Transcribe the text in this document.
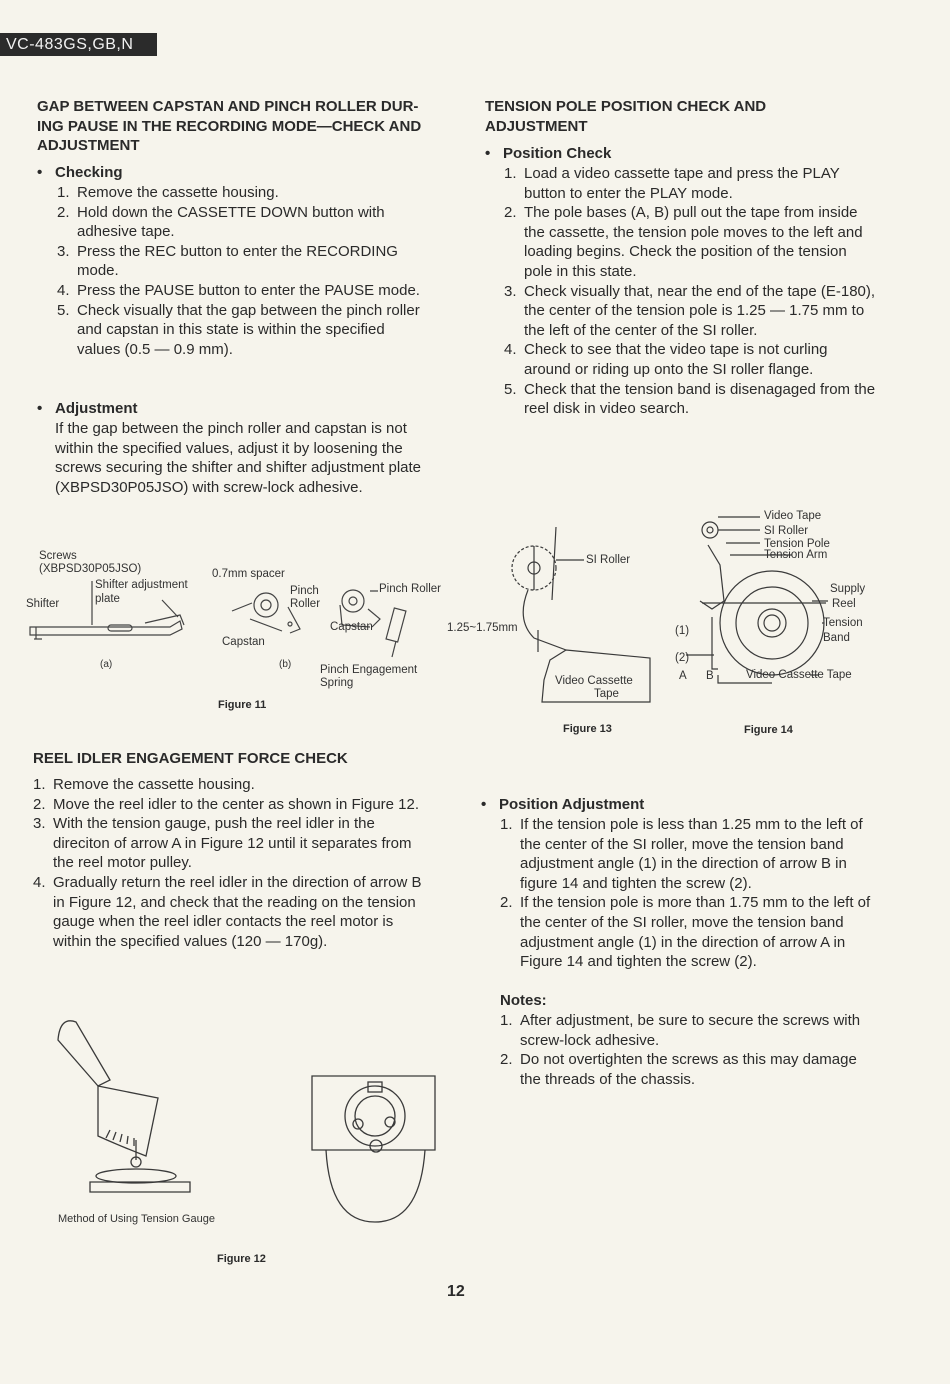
VC-483GS,GB,N
GAP BETWEEN CAPSTAN AND PINCH ROLLER DUR-ING PAUSE IN THE RECORDING MODE—CHECK AND ADJUSTMENT
• Checking
1. Remove the cassette housing.
2. Hold down the CASSETTE DOWN button with adhesive tape.
3. Press the REC button to enter the RECORDING mode.
4. Press the PAUSE button to enter the PAUSE mode.
5. Check visually that the gap between the pinch roller and capstan in this state is within the specified values (0.5 — 0.9 mm).
• Adjustment
If the gap between the pinch roller and capstan is not within the specified values, adjust it by loosening the screws securing the shifter and shifter adjustment plate (XBPSD30P05JSO) with screw-lock adhesive.
Screws
(XBPSD30P05JSO)
Shifter adjustment
plate
Shifter
0.7mm spacer
Pinch
Roller
Capstan
Pinch Roller
Capstan
Pinch Engagement
Spring
(a)	(b)
Figure 11
REEL IDLER ENGAGEMENT FORCE CHECK
1. Remove the cassette housing.
2. Move the reel idler to the center as shown in Figure 12.
3. With the tension gauge, push the reel idler in the direciton of arrow A in Figure 12 until it separates from the reel motor pulley.
4. Gradually return the reel idler in the direction of arrow B in Figure 12, and check that the reading on the tension gauge when the reel idler contacts the reel motor is within the specified values (120 — 170g).
Method of Using Tension Gauge
Figure 12
TENSION POLE POSITION CHECK AND ADJUSTMENT
• Position Check
1. Load a video cassette tape and press the PLAY button to enter the PLAY mode.
2. The pole bases (A, B) pull out the tape from inside the cassette, the tension pole moves to the left and loading begins. Check the position of the tension pole in this state.
3. Check visually that, near the end of the tape (E-180), the center of the tension pole is 1.25 — 1.75 mm to the left of the center of the SI roller.
4. Check to see that the video tape is not curling around or riding up onto the SI roller flange.
5. Check that the tension band is disenagaged from the reel disk in video search.
SI Roller
1.25~1.75mm
Video Cassette
Tape
Figure 13
Video Tape
SI Roller
Tension Pole
Tension Arm
Supply
Reel
Tension
Band
(1)
(2)
A B	Video Cassette Tape
Figure 14
• Position Adjustment
1. If the tension pole is less than 1.25 mm to the left of the center of the SI roller, move the tension band adjustment angle (1) in the direction of arrow B in figure 14 and tighten the screw (2).
2. If the tension pole is more than 1.75 mm to the left of the center of the SI roller, move the tension band adjustment angle (1) in the direction of arrow A in Figure 14 and tighten the screw (2).
Notes:
1. After adjustment, be sure to secure the screws with screw-lock adhesive.
2. Do not overtighten the screws as this may damage the threads of the chassis.
12
